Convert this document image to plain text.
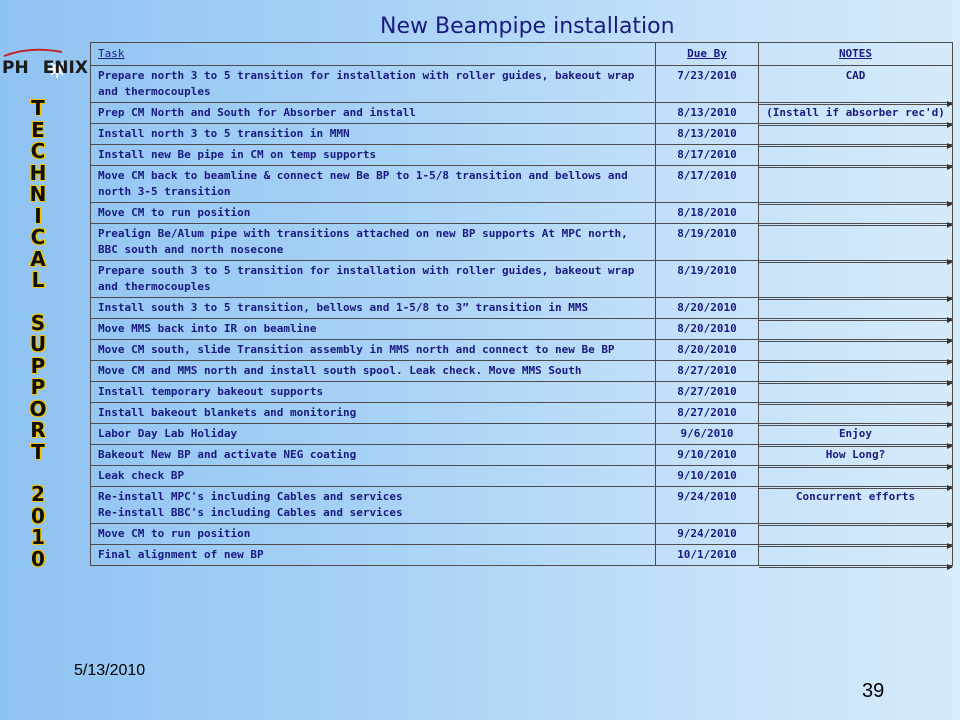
New Beampipe installation
PH ENIX
T
E
C
H
N
I
C
A
L
S
U
P
P
O
R
T
2
0
1
0
Task	Due By	NOTES
Prepare north 3 to 5 transition for installation with roller guides, bakeout wrap and thermocouples	7/23/2010	CAD

Prep CM North and South for Absorber and install	8/13/2010	(Install if absorber rec'd)

Install north 3 to 5 transition in MMN	8/13/2010	

Install new Be pipe in CM on temp supports	8/17/2010	

Move CM back to beamline & connect new Be BP to 1-5/8 transition and bellows and north 3-5 transition	8/17/2010	

Move CM to run position	8/18/2010	

Prealign Be/Alum pipe with transitions attached on new BP supports At MPC north, BBC south and north nosecone	8/19/2010	

Prepare south 3 to 5 transition for installation with roller guides, bakeout wrap and thermocouples	8/19/2010	

Install south 3 to 5 transition, bellows and 1-5/8 to 3” transition in MMS	8/20/2010	

Move MMS back into IR on beamline	8/20/2010	

Move CM south, slide Transition assembly in MMS north and connect to new Be BP	8/20/2010	

Move CM and MMS north and install south spool. Leak check. Move MMS South	8/27/2010	

Install temporary bakeout supports	8/27/2010	

Install bakeout blankets and monitoring	8/27/2010	

Labor Day Lab Holiday	9/6/2010	Enjoy

Bakeout New BP and activate NEG coating	9/10/2010	How Long?

Leak check BP	9/10/2010	

Re-install MPC's including Cables and services
Re-install BBC's including Cables and services	9/24/2010	Concurrent efforts

Move CM to run position	9/24/2010	

Final alignment of new BP	10/1/2010	
5/13/2010
39
